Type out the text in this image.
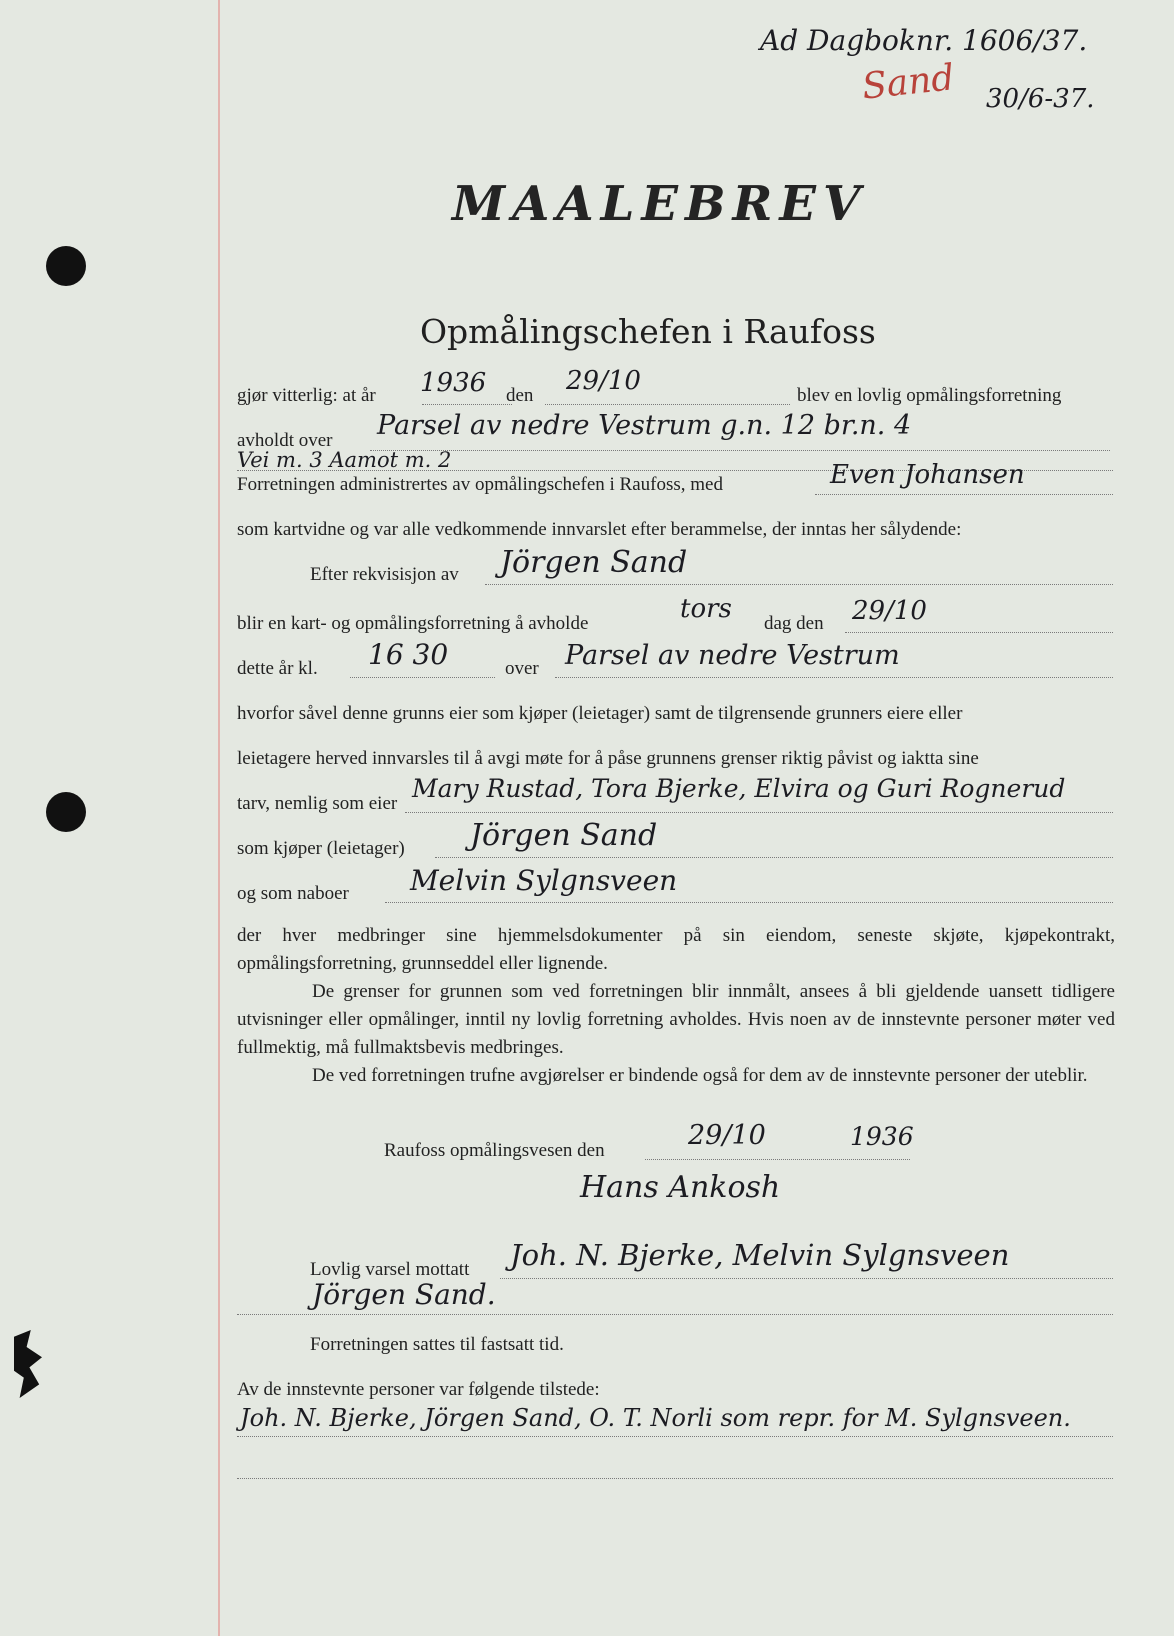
Ad Dagboknr. 1606/37.
Sand 30/6-37.
MAALEBREV
Opmålingschefen i Raufoss
gjør vitterlig: at år 1936 den 29/10	blev en lovlig opmålingsforretning
avholdt over Parsel av nedre Vestrum g.n. 12 br.n. 4
Vei m. 3 Aamot m. 2
Forretningen administrertes av opmålingschefen i Raufoss, med	Even Johansen
som kartvidne og var alle vedkommende innvarslet efter berammelse, der inntas her sålydende:
Efter rekvisisjon av Jörgen Sand
blir en kart- og opmålingsforretning å avholde	tors dag den 29/10
dette år kl. 16 30	over Parsel av nedre Vestrum
hvorfor såvel denne grunns eier som kjøper (leietager) samt de tilgrensende grunners eiere eller
leietagere herved innvarsles til å avgi møte for å påse grunnens grenser riktig påvist og iaktta sine
tarv, nemlig som eier
Mary Rustad, Tora Bjerke, Elvira og Guri Rognerud
som kjøper (leietager) Jörgen Sand
og som naboer Melvin Sylgnsveen
der hver medbringer sine hjemmelsdokumenter på sin eiendom, seneste skjøte, kjøpekontrakt, opmålingsforretning, grunnseddel eller lignende.
De grenser for grunnen som ved forretningen blir innmålt, ansees å bli gjeldende uansett tidligere utvisninger eller opmålinger, inntil ny lovlig forretning avholdes. Hvis noen av de innstevnte personer møter ved fullmektig, må fullmaktsbevis medbringes.
De ved forretningen trufne avgjørelser er bindende også for dem av de innstevnte personer der uteblir.
Raufoss opmålingsvesen den	29/10	1936
Hans Ankosh
Lovlig varsel mottatt Joh. N. Bjerke, Melvin Sylgnsveen
Jörgen Sand.
Forretningen sattes til fastsatt tid.
Av de innstevnte personer var følgende tilstede:
Joh. N. Bjerke, Jörgen Sand, O. T. Norli som repr. for M. Sylgnsveen.
